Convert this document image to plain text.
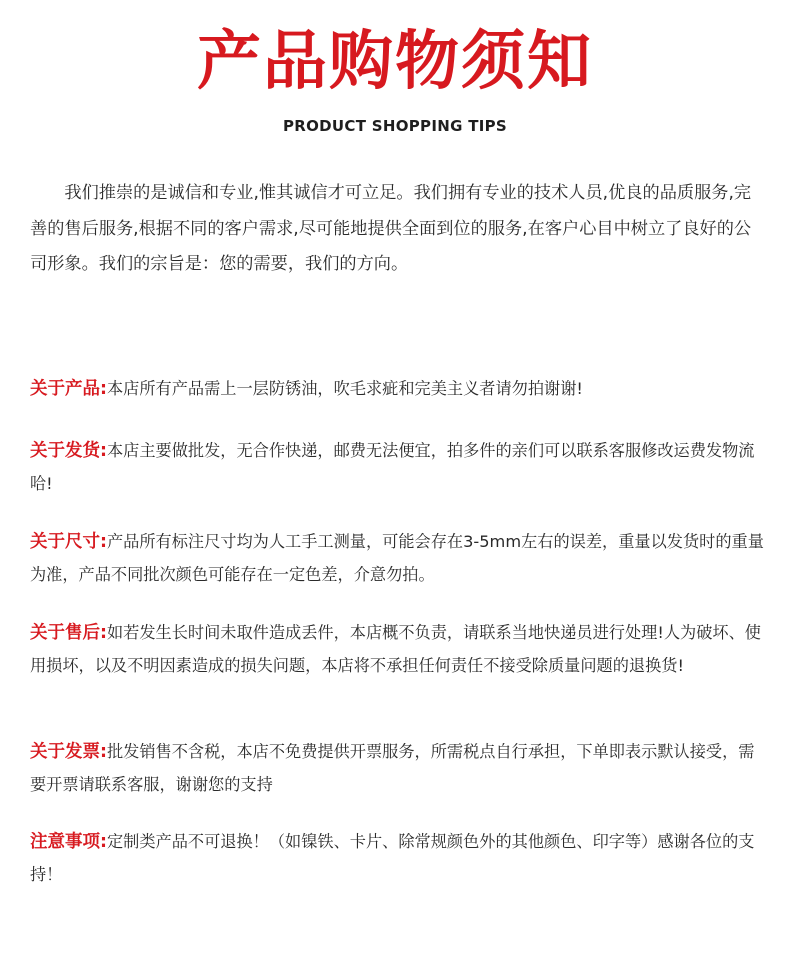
产品购物须知
PRODUCT SHOPPING TIPS

我们推崇的是诚信和专业,惟其诚信才可立足。我们拥有专业的技术人员,优良的品质服务,完善的售后服务,根据不同的客户需求,尽可能地提供全面到位的服务,在客户心目中树立了良好的公司形象。我们的宗旨是：您的需要，我们的方向。

关于产品:本店所有产品需上一层防锈油，吹毛求疵和完美主义者请勿拍谢谢!

关于发货:本店主要做批发，无合作快递，邮费无法便宜，拍多件的亲们可以联系客服修改运费发物流哈!

关于尺寸:产品所有标注尺寸均为人工手工测量，可能会存在3-5mm左右的误差，重量以发货时的重量为准，产品不同批次颜色可能存在一定色差，介意勿拍。

关于售后:如若发生长时间未取件造成丢件，本店概不负责，请联系当地快递员进行处理!人为破坏、使用损坏，以及不明因素造成的损失问题，本店将不承担任何责任不接受除质量问题的退换货!

关于发票:批发销售不含税，本店不免费提供开票服务，所需税点自行承担，下单即表示默认接受，需要开票请联系客服，谢谢您的支持

注意事项:定制类产品不可退换！（如镍铁、卡片、除常规颜色外的其他颜色、印字等）感谢各位的支持！
